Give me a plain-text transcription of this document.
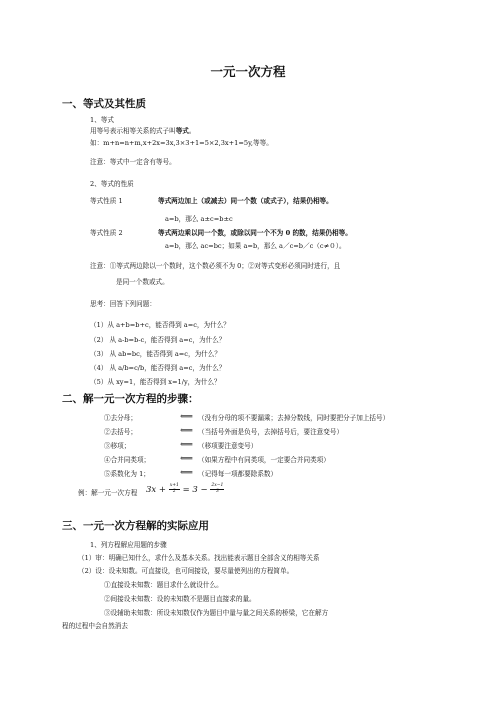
一元一次方程
一、等式及其性质
1、等式
用等号表示相等关系的式子叫等式。
如：m+n=n+m,x+2x=3x,3×3+1=5×2,3x+1=5y,等等。
注意：等式中一定含有等号。
2、等式的性质
等式性质 1	等式两边加上（或减去）同一个数（或式子），结果仍相等。
a=b，那么 a±c=b±c
等式性质 2	等式两边乘以同一个数，或除以同一个不为 0 的数，结果仍相等。
a=b，那么 ac=bc；如果 a=b，那么 a／c=b／c（c≠０）。
注意：①等式两边除以一个数时，这个数必须不为 0；②对等式变形必须同时进行，且
是同一个数或式。
思考：回答下列问题：
（1）从 a+b=b+c，能否得到 a=c，为什么？
（2） 从 a-b=b-c，能否得到 a=c，为什么？
（3） 从 ab=bc，能否得到 a=c，为什么？
（4） 从 a/b=c/b，能否得到 a=c，为什么？
（5）从 xy=1，能否得到 x=1/y，为什么？
二、解一元一次方程的步骤：
①去分母；	⟸ （没有分母的项不要漏乘；去掉分数线，同时要把分子加上括号）
②去括号；	⟸ （当括号外面是负号，去掉括号后，要注意变号）
③移项；	⟸ （移项要注意变号）
④合并同类项；	⟸ （如果方程中有同类项，一定要合并同类项）
⑤系数化为 1；	⟸ （记得每一项都要除系数）
例：解一元一次方程 $3x + \frac{x+1}{2} = 3 - \frac{2x-1}{3}$
三、一元一次方程解的实际应用
1、列方程解应用题的步骤
（1）审：明确已知什么，求什么及基本关系。找出能表示题目全部含义的相等关系
（2）设：设未知数。可直接设，也可间接设，要尽量使列出的方程简单。
①直接设未知数：题目求什么就设什么。
②间接设未知数：设的未知数不是题目直接求的量。
③设辅助未知数：所设未知数仅作为题目中量与量之间关系的桥梁，它在解方
程的过程中会自然消去
